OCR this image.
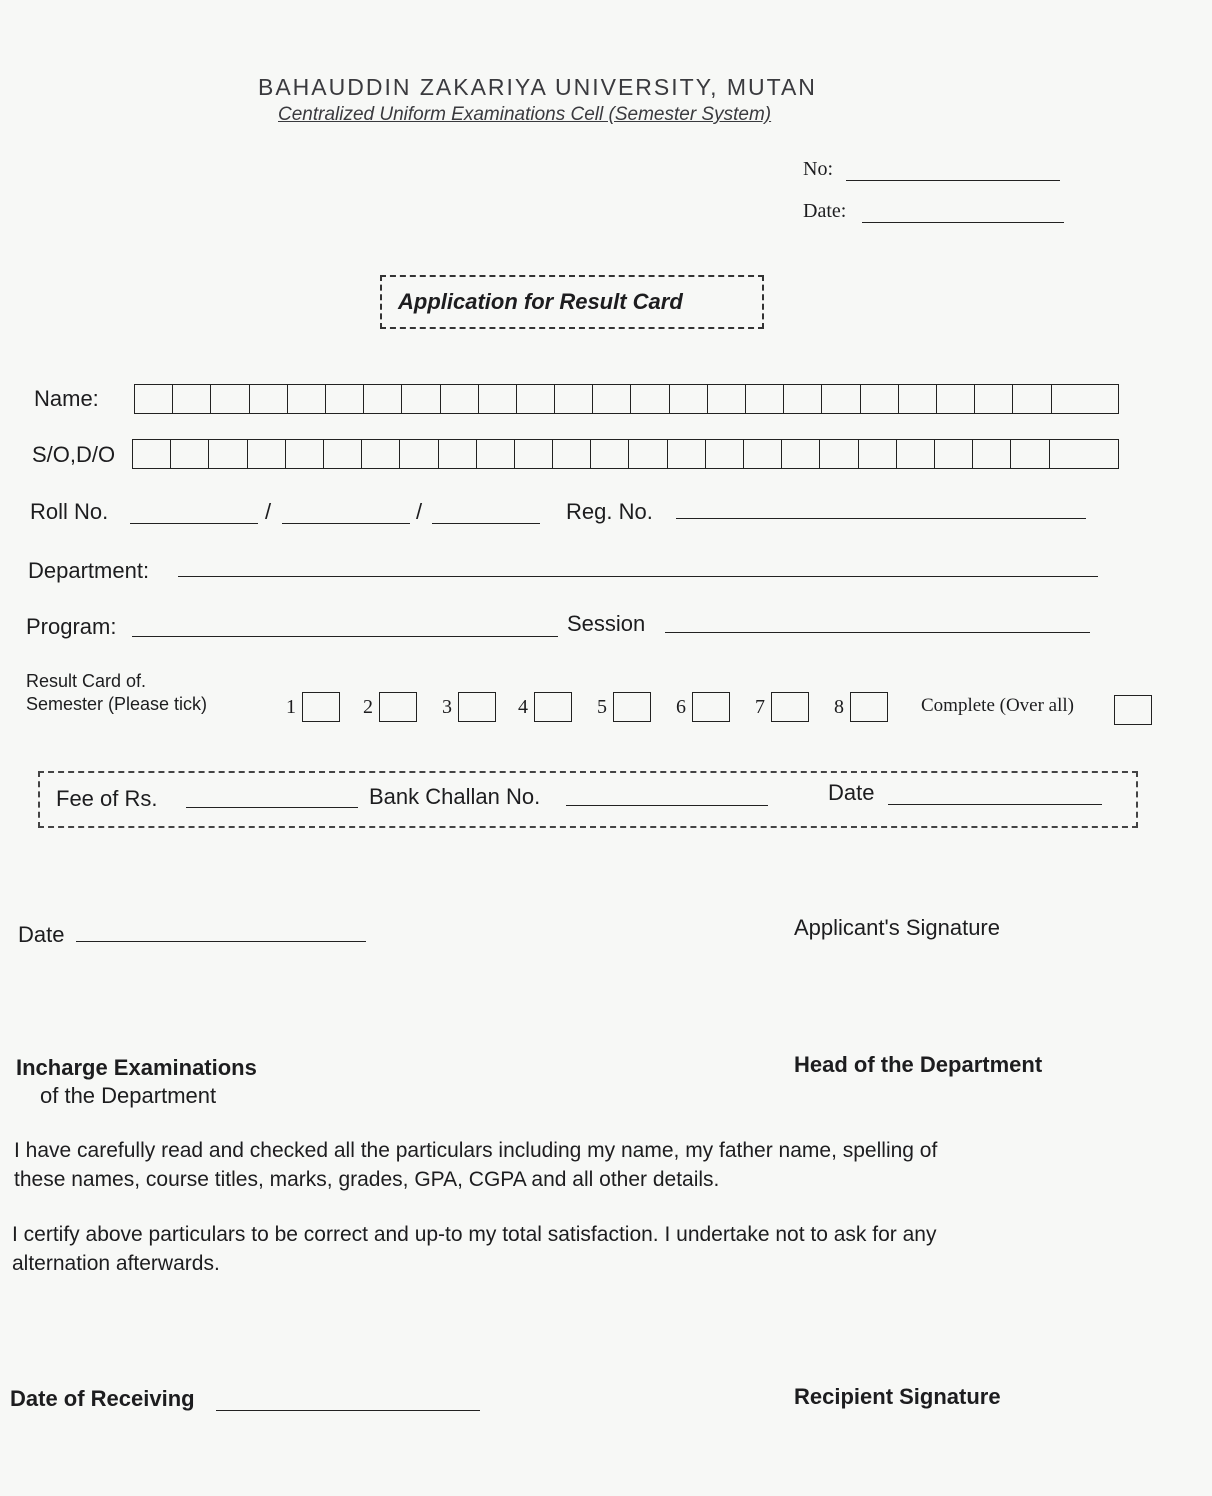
BAHAUDDIN ZAKARIYA UNIVERSITY, MUTAN
Centralized Uniform Examinations Cell (Semester System)
No:
Date:
Application for Result Card
Name:
S/O,D/O
Roll No.	/	/	Reg. No.
Department:
Program:	Session
Result Card of.
Semester (Please tick)	1	2	3	4	5	6	7	8	Complete (Over all)
Fee of Rs.	Bank Challan No.	Date
Date	Applicant's Signature
Incharge Examinations
of the Department
Head of the Department
I have carefully read and checked all the particulars including my name, my father name, spelling of
these names, course titles, marks, grades, GPA, CGPA and all other details.
I certify above particulars to be correct and up-to my total satisfaction. I undertake not to ask for any
alternation afterwards.
Date of Receiving	Recipient Signature
